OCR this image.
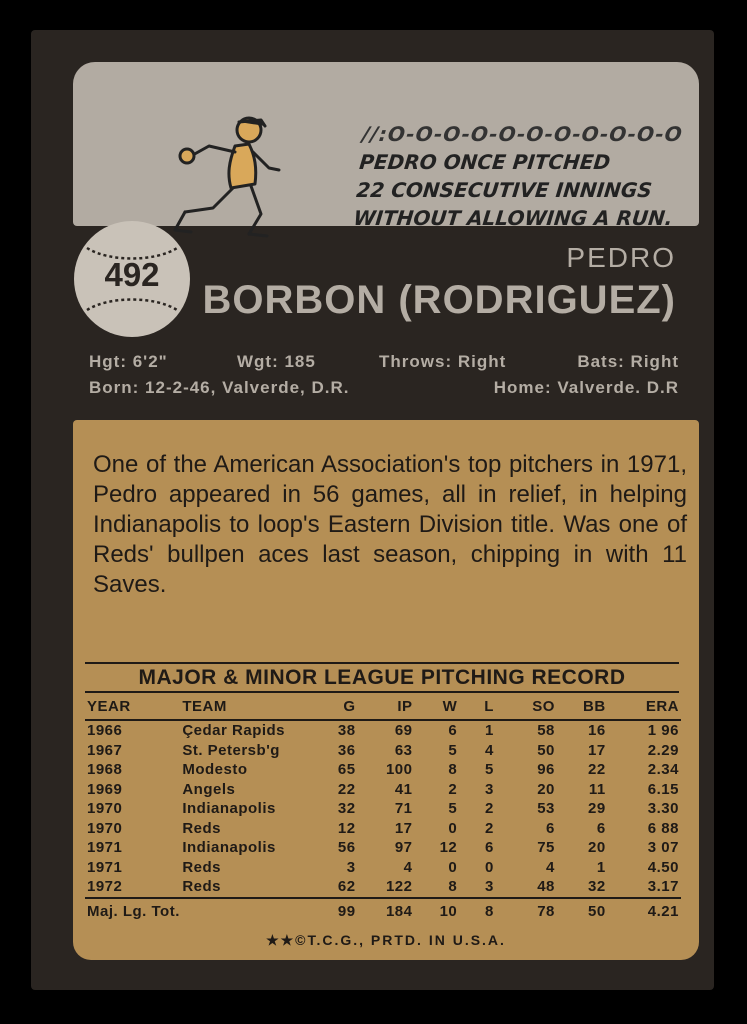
//:O-O-O-O-O-O-O-O-O-O-O
PEDRO ONCE PITCHED
22 CONSECUTIVE INNINGS
WITHOUT ALLOWING A RUN.
492	PEDRO
BORBON (RODRIGUEZ)
Hgt: 6'2"	Wgt: 185	Throws: Right	Bats: Right
Born: 12-2-46, Valverde, D.R.	Home: Valverde. D.R
One of the American Association's top pitchers in 1971, Pedro appeared in 56 games, all in relief, in helping Indianapolis to loop's Eastern Division title. Was one of Reds' bullpen aces last season, chipping in with 11 Saves.
MAJOR & MINOR LEAGUE PITCHING RECORD
YEAR	TEAM	G	IP	W	L	SO	BB	ERA
1966	Çedar Rapids	38	69	6	1	58	16	1 96
1967	St. Petersb'g	36	63	5	4	50	17	2.29
1968	Modesto	65	100	8	5	96	22	2.34
1969	Angels	22	41	2	3	20	11	6.15
1970	Indianapolis	32	71	5	2	53	29	3.30
1970	Reds	12	17	0	2	6	6	6 88
1971	Indianapolis	56	97	12	6	75	20	3 07
1971	Reds	3	4	0	0	4	1	4.50
1972	Reds	62	122	8	3	48	32	3.17
Maj. Lg. Tot.		99	184	10	8	78	50	4.21
★★©T.C.G., PRTD. IN U.S.A.
